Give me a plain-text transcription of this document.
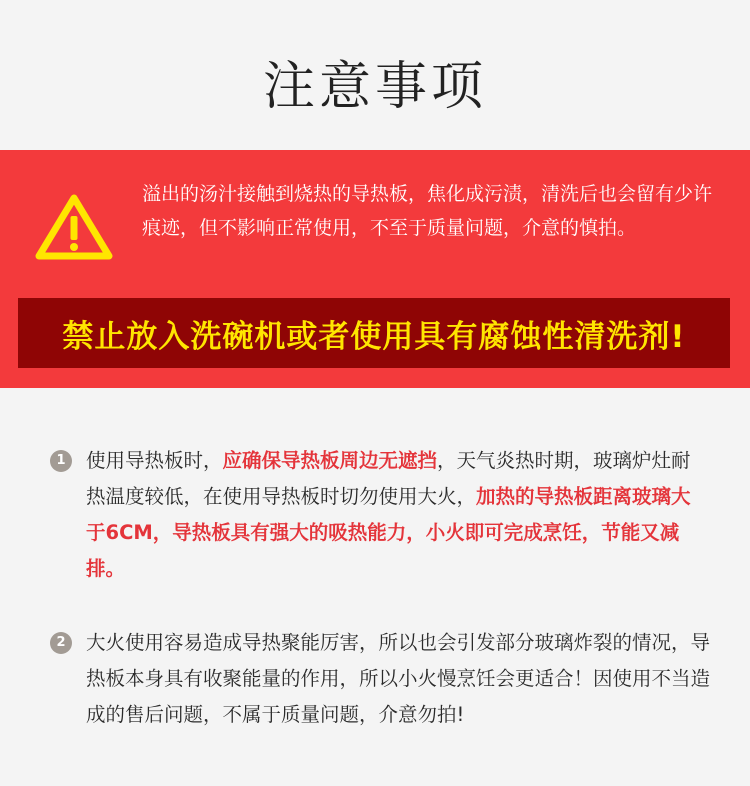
注意事项
溢出的汤汁接触到烧热的导热板，焦化成污渍，清洗后也会留有少许痕迹，但不影响正常使用，不至于质量问题，介意的慎拍。
禁止放入洗碗机或者使用具有腐蚀性清洗剂!
1	使用导热板时，应确保导热板周边无遮挡，天气炎热时期，玻璃炉灶耐热温度较低，在使用导热板时切勿使用大火，加热的导热板距离玻璃大于6CM，导热板具有强大的吸热能力，小火即可完成烹饪，节能又减排。
2	大火使用容易造成导热聚能厉害，所以也会引发部分玻璃炸裂的情况，导热板本身具有收聚能量的作用，所以小火慢烹饪会更适合！因使用不当造成的售后问题，不属于质量问题，介意勿拍!
